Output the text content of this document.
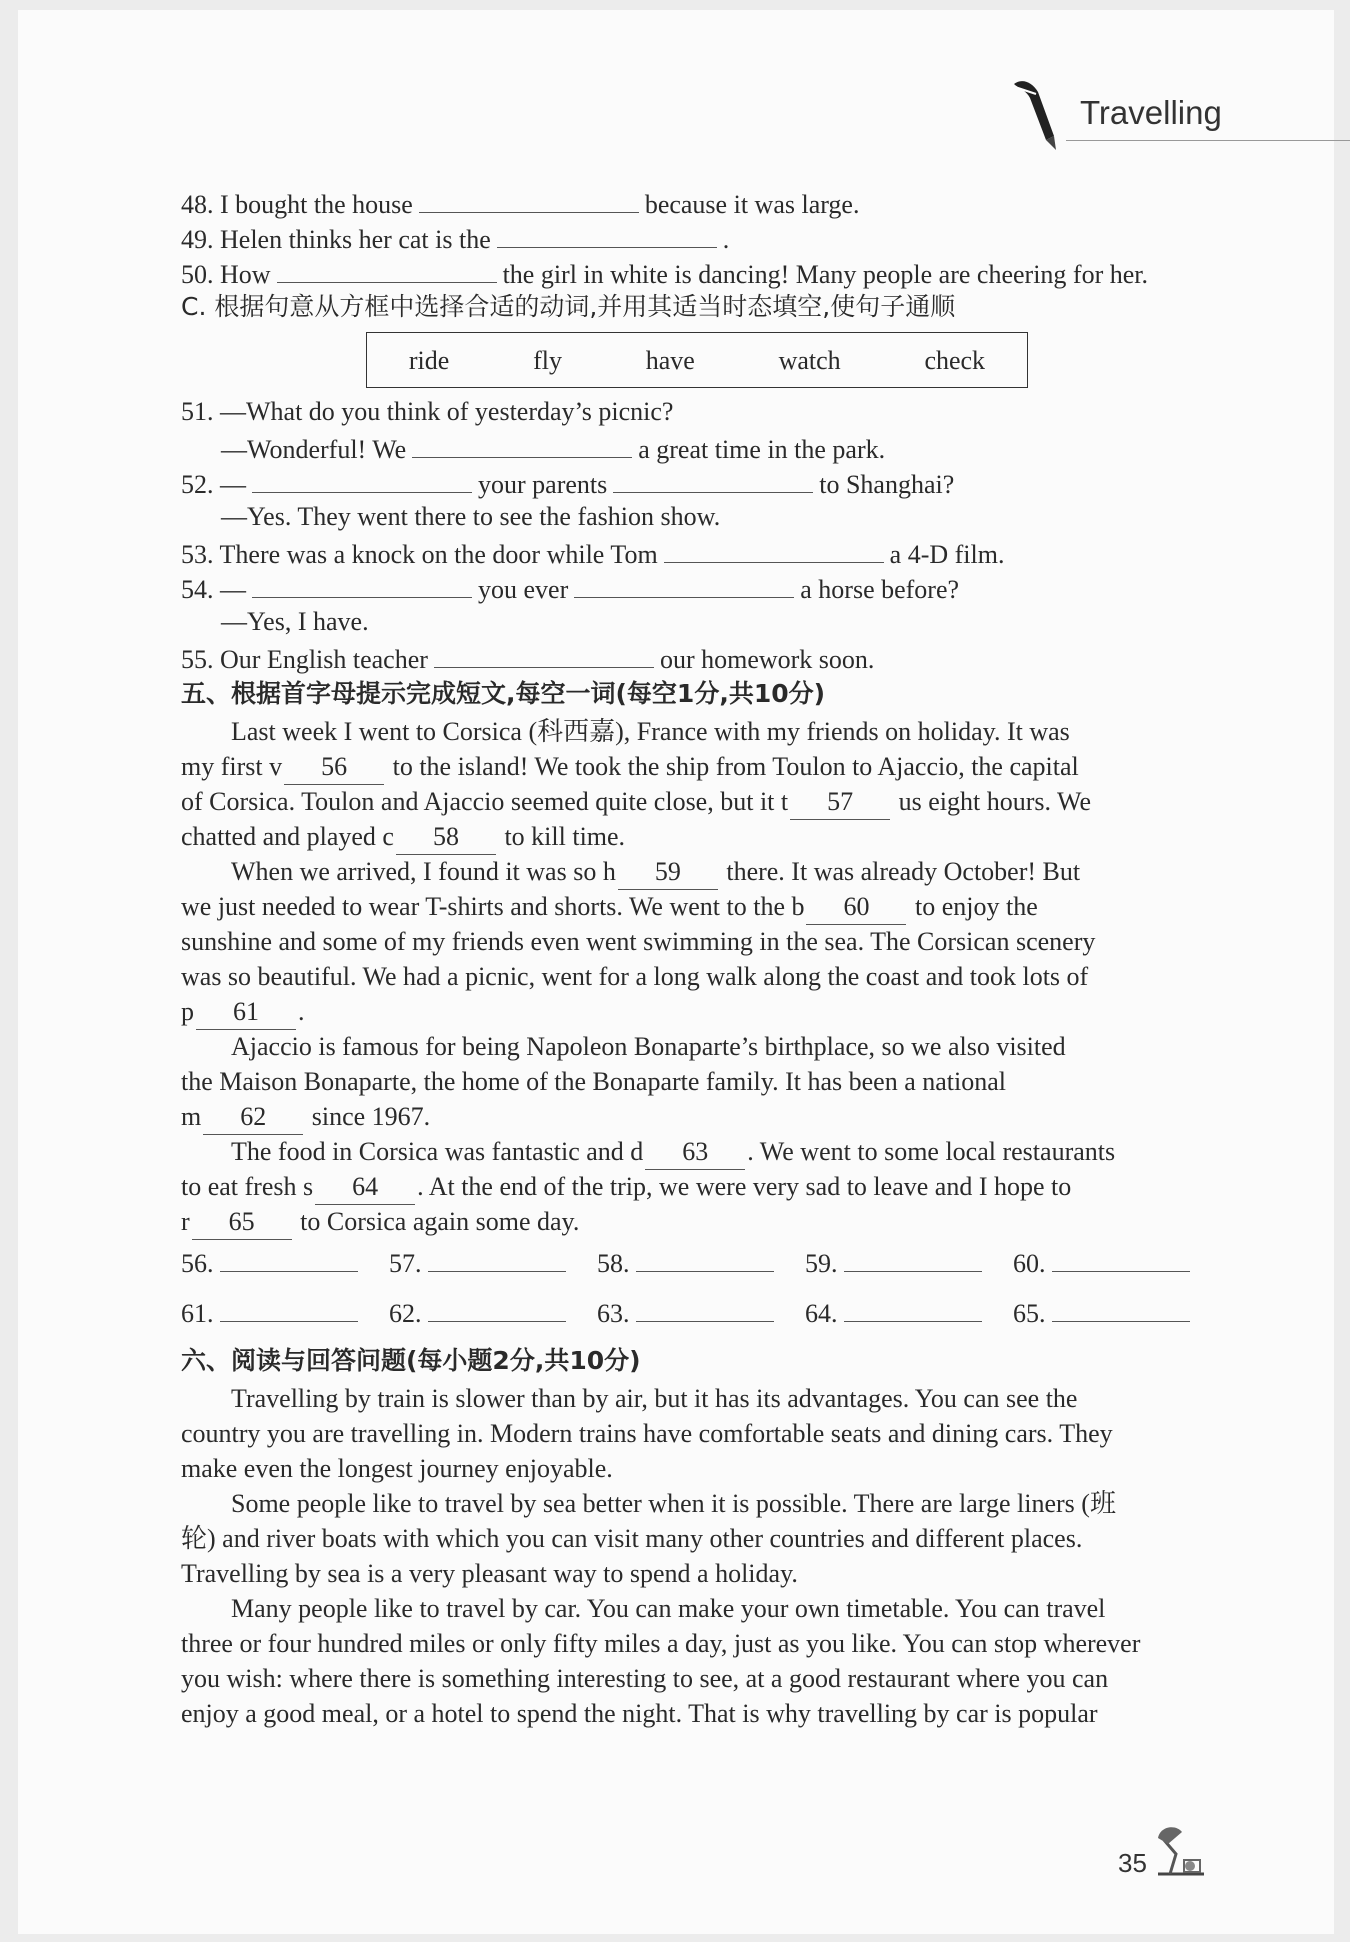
Travelling
48. I bought the house	because it was large.
49. Helen thinks her cat is the	.
50. How	the girl in white is dancing! Many people are cheering for her.
C. 根据句意从方框中选择合适的动词,并用其适当时态填空,使句子通顺
ride	fly	have	watch	check
51. —What do you think of yesterday’s picnic?
—Wonderful! We	a great time in the park.
52. —	your parents	to Shanghai?
—Yes. They went there to see the fashion show.
53. There was a knock on the door while Tom	a 4-D film.
54. —	you ever	a horse before?
—Yes, I have.
55. Our English teacher	our homework soon.
五、根据首字母提示完成短文,每空一词(每空1分,共10分)
Last week I went to Corsica (科西嘉), France with my friends on holiday. It was
my first v 56 to the island! We took the ship from Toulon to Ajaccio, the capital
of Corsica. Toulon and Ajaccio seemed quite close, but it t 57 us eight hours. We
chatted and played c 58 to kill time.
When we arrived, I found it was so h 59 there. It was already October! But
we just needed to wear T-shirts and shorts. We went to the b 60 to enjoy the
sunshine and some of my friends even went swimming in the sea. The Corsican scenery
was so beautiful. We had a picnic, went for a long walk along the coast and took lots of
p 61 .
Ajaccio is famous for being Napoleon Bonaparte’s birthplace, so we also visited
the Maison Bonaparte, the home of the Bonaparte family. It has been a national
m 62 since 1967.
The food in Corsica was fantastic and d 63 . We went to some local restaurants
to eat fresh s 64 . At the end of the trip, we were very sad to leave and I hope to
r 65 to Corsica again some day.
56.	57.	58.	59.	60.
61.	62.	63.	64.	65.
六、阅读与回答问题(每小题2分,共10分)
Travelling by train is slower than by air, but it has its advantages. You can see the
country you are travelling in. Modern trains have comfortable seats and dining cars. They
make even the longest journey enjoyable.
Some people like to travel by sea better when it is possible. There are large liners (班
轮) and river boats with which you can visit many other countries and different places.
Travelling by sea is a very pleasant way to spend a holiday.
Many people like to travel by car. You can make your own timetable. You can travel
three or four hundred miles or only fifty miles a day, just as you like. You can stop wherever
you wish: where there is something interesting to see, at a good restaurant where you can
enjoy a good meal, or a hotel to spend the night. That is why travelling by car is popular
35
